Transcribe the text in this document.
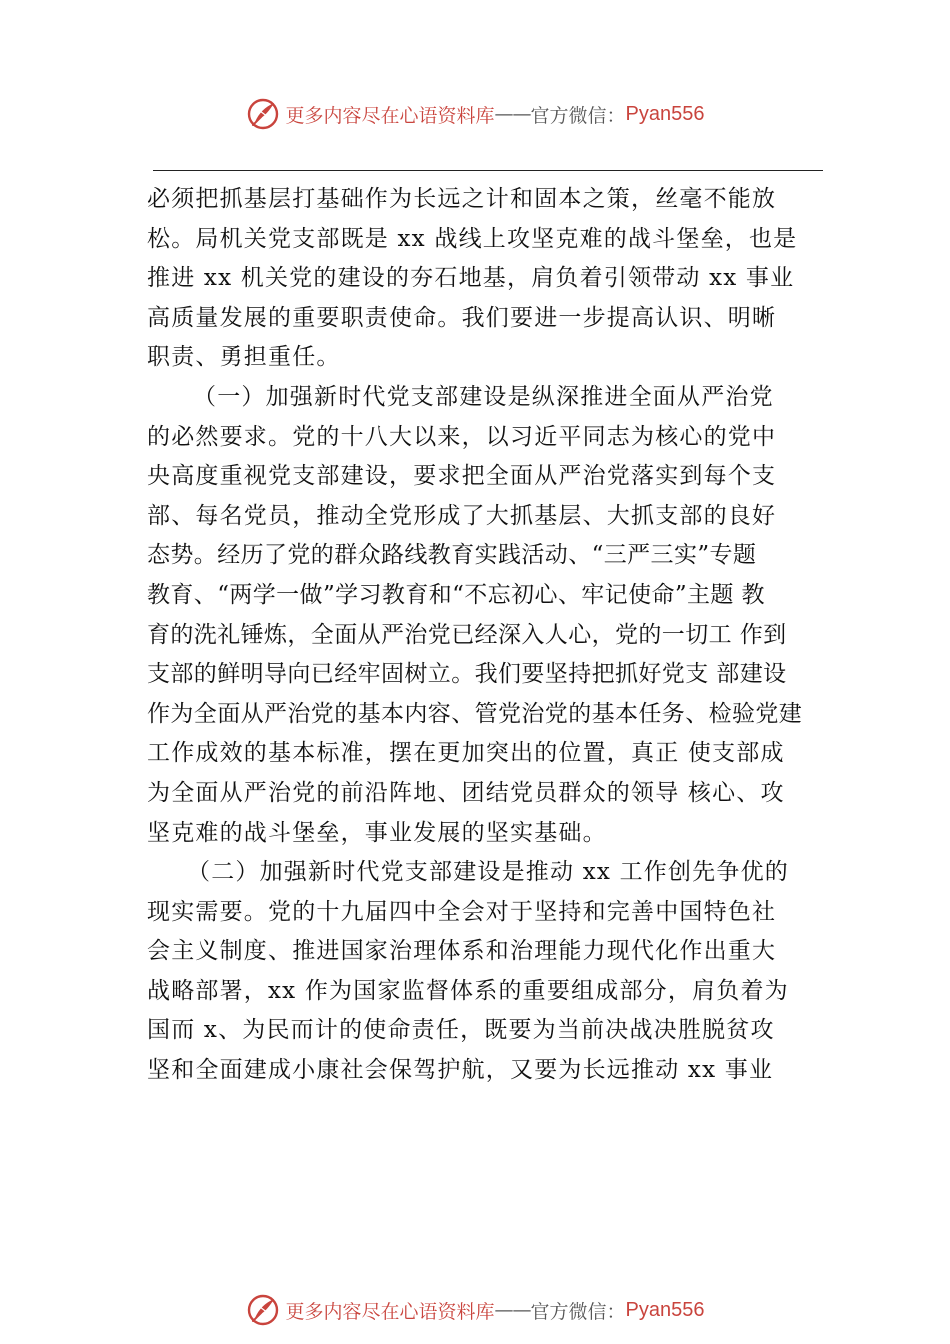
更多内容尽在心语资料库 —— 官方微信： Pyan556
必须把抓基层打基础作为长远之计和固本之策，丝毫不能放
松。局机关党支部既是 xx 战线上攻坚克难的战斗堡垒，也是
推进 xx 机关党的建设的夯石地基，肩负着引领带动 xx 事业
高质量发展的重要职责使命。我们要进一步提高认识、明晰
职责、勇担重任。
（一）加强新时代党支部建设是纵深推进全面从严治党
的必然要求。党的十八大以来，以习近平同志为核心的党中
央高度重视党支部建设，要求把全面从严治党落实到每个支
部、每名党员，推动全党形成了大抓基层、大抓支部的良好
态势。经历了党的群众路线教育实践活动、“三严三实”专题
教育、“两学一做”学习教育和“不忘初心、牢记使命”主题 教
育的洗礼锤炼，全面从严治党已经深入人心，党的一切工 作到
支部的鲜明导向已经牢固树立。我们要坚持把抓好党支 部建设
作为全面从严治党的基本内容、管党治党的基本任务、检验党建
工作成效的基本标准，摆在更加突出的位置，真正 使支部成
为全面从严治党的前沿阵地、团结党员群众的领导 核心、攻
坚克难的战斗堡垒，事业发展的坚实基础。
（二）加强新时代党支部建设是推动 xx 工作创先争优的
现实需要。党的十九届四中全会对于坚持和完善中国特色社
会主义制度、推进国家治理体系和治理能力现代化作出重大
战略部署，xx 作为国家监督体系的重要组成部分，肩负着为
国而 x、为民而计的使命责任，既要为当前决战决胜脱贫攻
坚和全面建成小康社会保驾护航，又要为长远推动 xx 事业
更多内容尽在心语资料库 —— 官方微信： Pyan556
